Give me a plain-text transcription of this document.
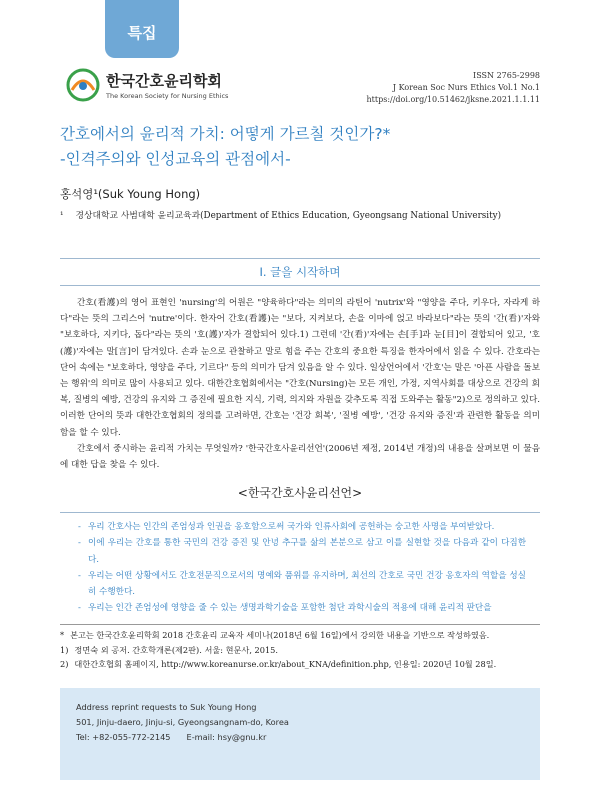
특집
한국간호윤리학회
The Korean Society for Nursing Ethics
ISSN 2765-2998
J Korean Soc Nurs Ethics Vol.1 No.1
https://doi.org/10.51462/jksne.2021.1.1.11
간호에서의 윤리적 가치: 어떻게 가르칠 것인가?*
-인격주의와 인성교육의 관점에서-
홍석영¹(Suk Young Hong)
¹ 경상대학교 사범대학 윤리교육과(Department of Ethics Education, Gyeongsang National University)
Ⅰ. 글을 시작하며

간호(看護)의 영어 표현인 'nursing'의 어원은 "양육하다"라는 의미의 라틴어 'nutrix'와 "영양을 주다, 키우다, 자라게 하다"라는 뜻의 그리스어 'nutre'이다. 한자어 간호(看護)는 "보다, 지켜보다, 손을 이마에 얹고 바라보다"라는 뜻의 '간(看)'자와 "보호하다, 지키다, 돕다"라는 뜻의 '호(護)'자가 결합되어 있다.1) 그런데 '간(看)'자에는 손[手]과 눈[目]이 결합되어 있고, '호(護)'자에는 말[言]이 담겨있다. 손과 눈으로 관찰하고 말로 힘을 주는 간호의 중요한 특징을 한자어에서 읽을 수 있다. 간호라는 단어 속에는 "보호하다, 영양을 주다, 기르다" 등의 의미가 담겨 있음을 알 수 있다. 일상언어에서 '간호'는 말은 '아픈 사람을 돌보는 행위'의 의미로 많이 사용되고 있다. 대한간호협회에서는 "간호(Nursing)는 모든 개인, 가정, 지역사회를 대상으로 건강의 회복, 질병의 예방, 건강의 유지와 그 증진에 필요한 지식, 기력, 의지와 자원을 갖추도록 직접 도와주는 활동"2)으로 정의하고 있다. 이러한 단어의 뜻과 대한간호협회의 정의를 고려하면, 간호는 '건강 회복', '질병 예방', '건강 유지와 증진'과 관련한 활동을 의미함을 할 수 있다.

간호에서 중시하는 윤리적 가치는 무엇일까? '한국간호사윤리선언'(2006년 제정, 2014년 개정)의 내용을 살펴보면 이 물음에 대한 답을 찾을 수 있다.

<한국간호사윤리선언>
- 우리 간호사는 인간의 존엄성과 인권을 옹호함으로써 국가와 인류사회에 공헌하는 숭고한 사명을 부여받았다.
- 이에 우리는 간호를 통한 국민의 건강 증진 및 안녕 추구를 삶의 본분으로 삼고 이를 실현할 것을 다음과 같이 다짐한다.
- 우리는 어떤 상황에서도 간호전문직으로서의 명예와 품위를 유지하며, 최선의 간호로 국민 건강 옹호자의 역할을 성실히 수행한다.
- 우리는 인간 존엄성에 영향을 줄 수 있는 생명과학기술을 포함한 첨단 과학시술의 적용에 대해 윤리적 판단을
* 본고는 한국간호윤리학회 2018 간호윤리 교육자 세미나(2018년 6월 16일)에서 강의한 내용을 기반으로 작성하였음.
1) 정면숙 외 공저. 간호학개론(제2판). 서울: 현문사, 2015.
2) 대한간호협회 홈페이지, http://www.koreanurse.or.kr/about_KNA/definition.php, 인용일: 2020년 10월 28일.
Address reprint requests to Suk Young Hong
501, Jinju-daero, Jinju-si, Gyeongsangnam-do, Korea
Tel: +82-055-772-2145 E-mail: hsy@gnu.kr
